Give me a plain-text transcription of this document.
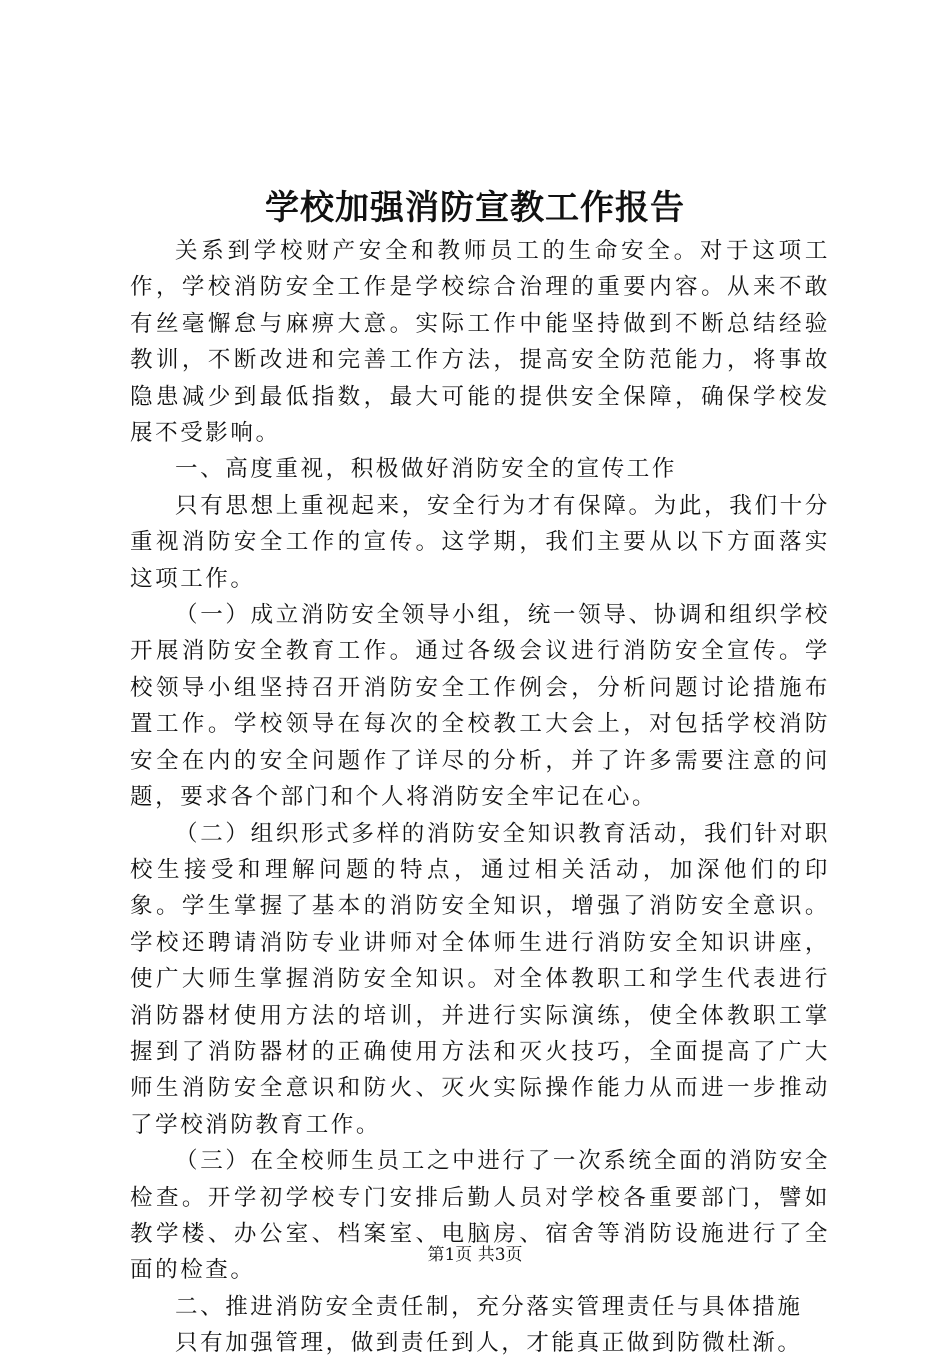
学校加强消防宣教工作报告

关系到学校财产安全和教师员工的生命安全。对于这项工作，学校消防安全工作是学校综合治理的重要内容。从来不敢有丝毫懈怠与麻痹大意。实际工作中能坚持做到不断总结经验教训，不断改进和完善工作方法，提高安全防范能力，将事故隐患减少到最低指数，最大可能的提供安全保障，确保学校发展不受影响。

一、高度重视，积极做好消防安全的宣传工作

只有思想上重视起来，安全行为才有保障。为此，我们十分重视消防安全工作的宣传。这学期，我们主要从以下方面落实这项工作。

（一）成立消防安全领导小组，统一领导、协调和组织学校开展消防安全教育工作。通过各级会议进行消防安全宣传。学校领导小组坚持召开消防安全工作例会，分析问题讨论措施布置工作。学校领导在每次的全校教工大会上，对包括学校消防安全在内的安全问题作了详尽的分析，并了许多需要注意的问题，要求各个部门和个人将消防安全牢记在心。

（二）组织形式多样的消防安全知识教育活动，我们针对职校生接受和理解问题的特点，通过相关活动，加深他们的印象。学生掌握了基本的消防安全知识，增强了消防安全意识。学校还聘请消防专业讲师对全体师生进行消防安全知识讲座，使广大师生掌握消防安全知识。对全体教职工和学生代表进行消防器材使用方法的培训，并进行实际演练，使全体教职工掌握到了消防器材的正确使用方法和灭火技巧，全面提高了广大师生消防安全意识和防火、灭火实际操作能力从而进一步推动了学校消防教育工作。

（三）在全校师生员工之中进行了一次系统全面的消防安全检查。开学初学校专门安排后勤人员对学校各重要部门，譬如教学楼、办公室、档案室、电脑房、宿舍等消防设施进行了全面的检查。

二、推进消防安全责任制，充分落实管理责任与具体措施

只有加强管理，做到责任到人，才能真正做到防微杜渐。

第1页 共3页
